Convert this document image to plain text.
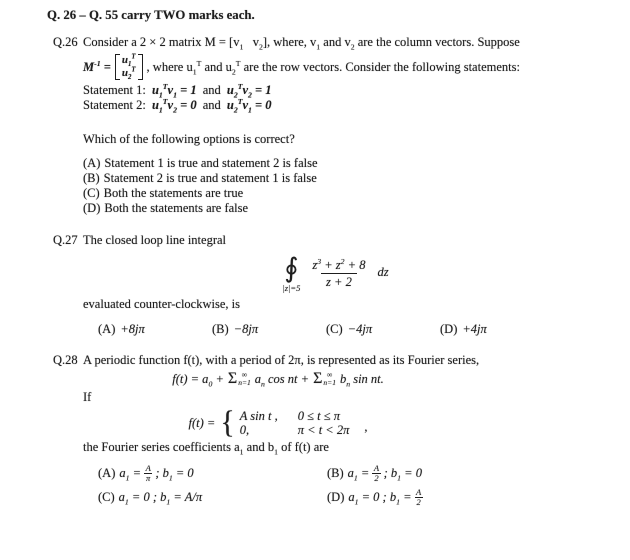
Q. 26 – Q. 55 carry TWO marks each.
Q.26 Consider a 2 × 2 matrix $M = [v_1$  $v_2$], where, $v_1$ and $v_2$ are the column vectors. Suppose
$M^{-1} = u_1^T$
$u_2^T$ , where $u_1^T$ and $u_2^T$ are the row vectors. Consider the following statements:
Statement 1: $u_1^Tv_1 = 1$ and $u_2^Tv_2 = 1$
Statement 2: $u_1^Tv_2 = 0$ and $u_2^Tv_1 = 0$
Which of the following options is correct?
(A) Statement 1 is true and statement 2 is false
(B) Statement 2 is true and statement 1 is false
(C) Both the statements are true
(D) Both the statements are false
Q.27 The closed loop line integral
∮
$|z|=5 \frac{z^3 + z^2 + 8}{z + 2}$ dz
evaluated counter-clockwise, is
(A) +8jπ	(B) −8jπ	(C) −4jπ	(D) +4jπ
Q.28 A periodic function f(t), with a period of 2π, is represented as its Fourier series,
$f(t) = a_0 + \Sigma$ ∞
n=1 $a_n$ cos nt + Σ ∞
n=1 $b_n$ sin nt.
If
f(t) = { A sin t ,	0 ≤ t ≤ π
0,	π < t < 2π ,
the Fourier series coefficients $a_1$ and $b_1$ of f(t) are
(A) $a_1 = \frac{A}{\pi}$ ; $b_1 = 0$	(B) $a_1 = \frac{A}{2}$ ; $b_1 = 0$
(C) $a_1 = 0$ ; $b_1 = A/\pi$	(D) $a_1 = 0$ ; $b_1 = \frac{A}{2}$
